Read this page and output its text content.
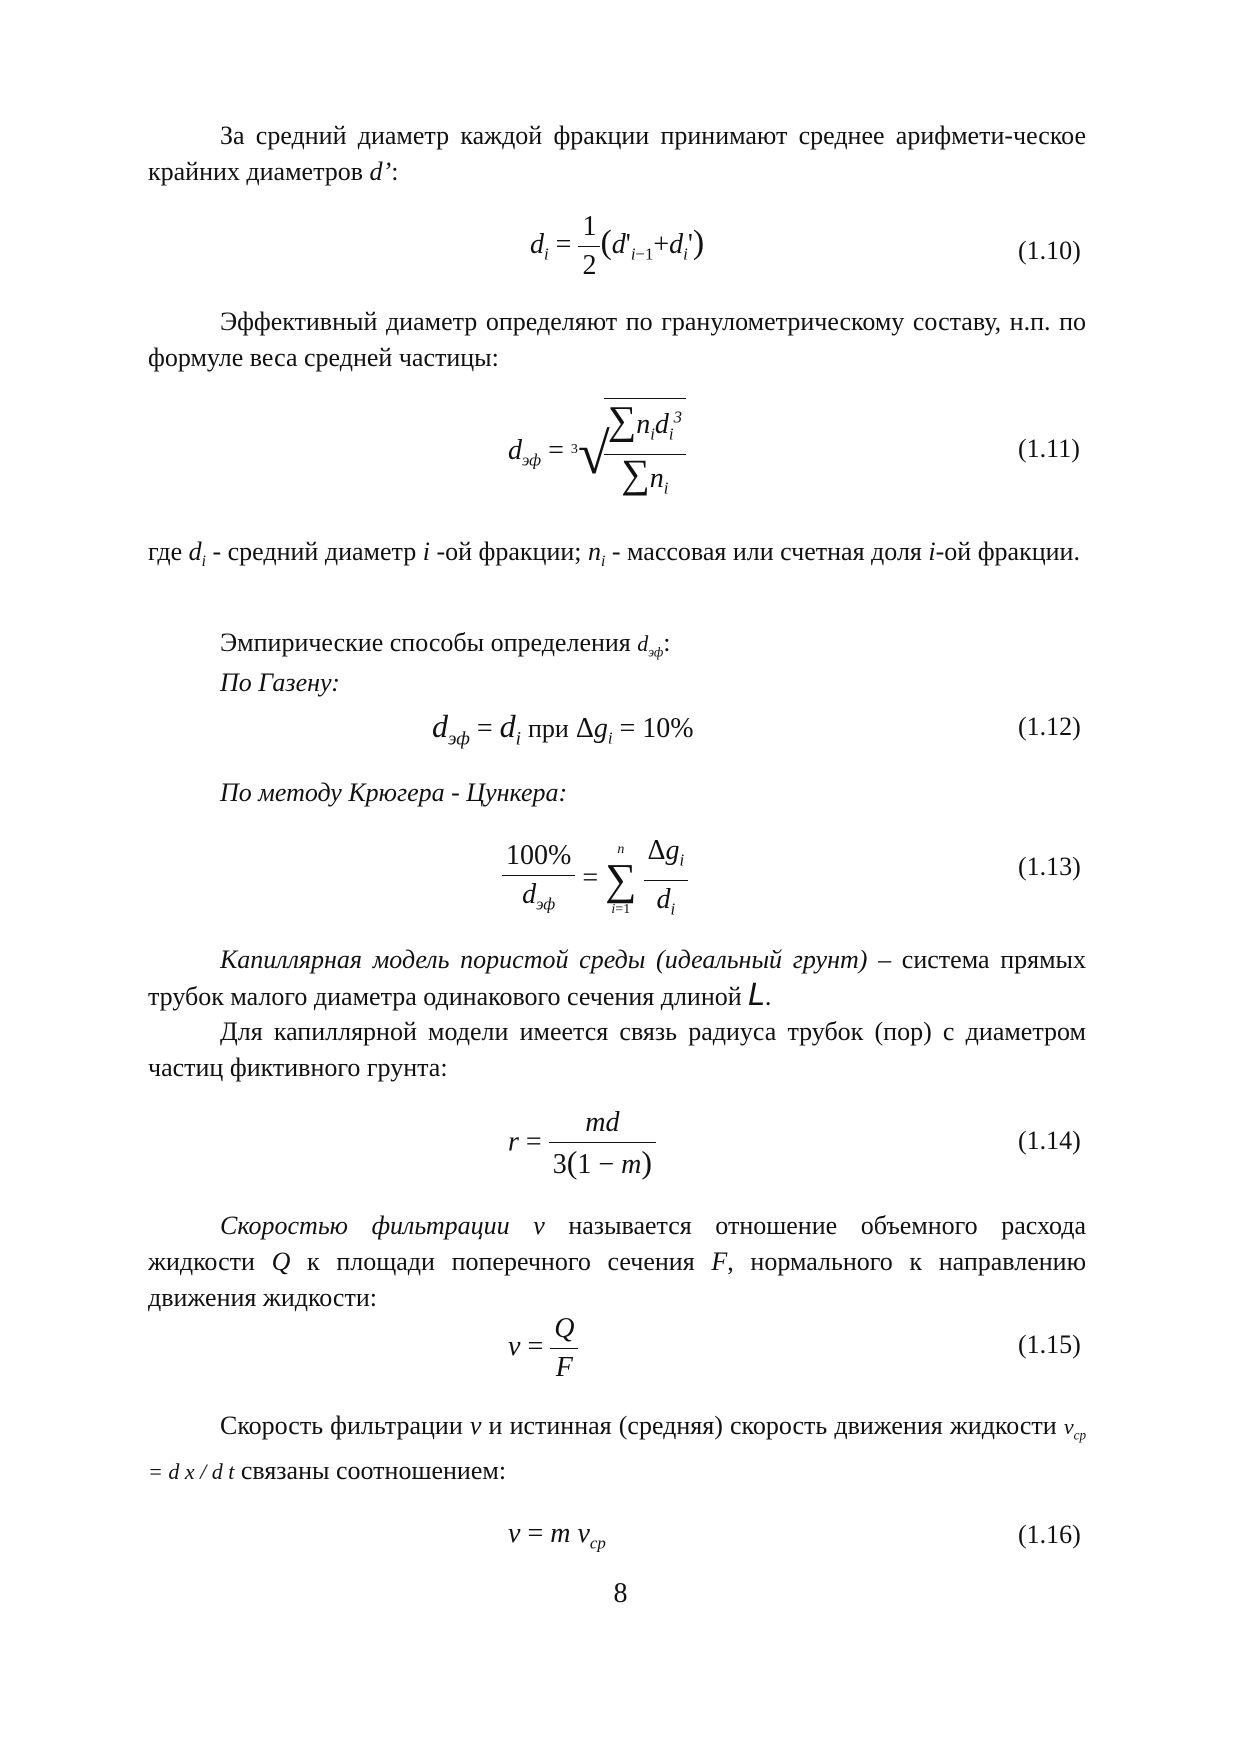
За средний диаметр каждой фракции принимают среднее арифмети-ческое крайних диаметров d’:

$d_i = \frac{1}{2} (d'_{i-1}+d_i')$	(1.10)

Эффективный диаметр определяют по гранулометрическому составу, н.п. по формуле веса средней частицы:

$d_{эф} = ^3√$
$\frac{\sum n_id_i^3}{\sum n_i}$	(1.11)

где $d_i$ - средний диаметр i -ой фракции; $n_i$ - массовая или счетная доля i-ой фракции.

Эмпирические способы определения $d_{эф}$:
По Газену:
$d_{эф} = d_i$ при $\Delta g_i = 10\%$	(1.12)
По методу Крюгера - Цункера:
$\frac{100\%}{d_{эф}}$ =
n
∑
i=1
$\frac{\Delta g_i}{d_i}$	(1.13)

Капиллярная модель пористой среды (идеальный грунт) – система прямых трубок малого диаметра одинакового сечения длиной L.

Для капиллярной модели имеется связь радиуса трубок (пор) с диаметром частиц фиктивного грунта:

$r = \frac{md}{3(1 - m)}$	(1.14)

Скоростью фильтрации v называется отношение объемного расхода жидкости Q к площади поперечного сечения F, нормального к направлению движения жидкости:

$v = \frac{Q}{F}$	(1.15)

Скорость фильтрации v и истинная (средняя) скорость движения жидкости $v_{ср} = d$ x / d t связаны соотношением:

v = m $v_{ср}$	(1.16)
8
